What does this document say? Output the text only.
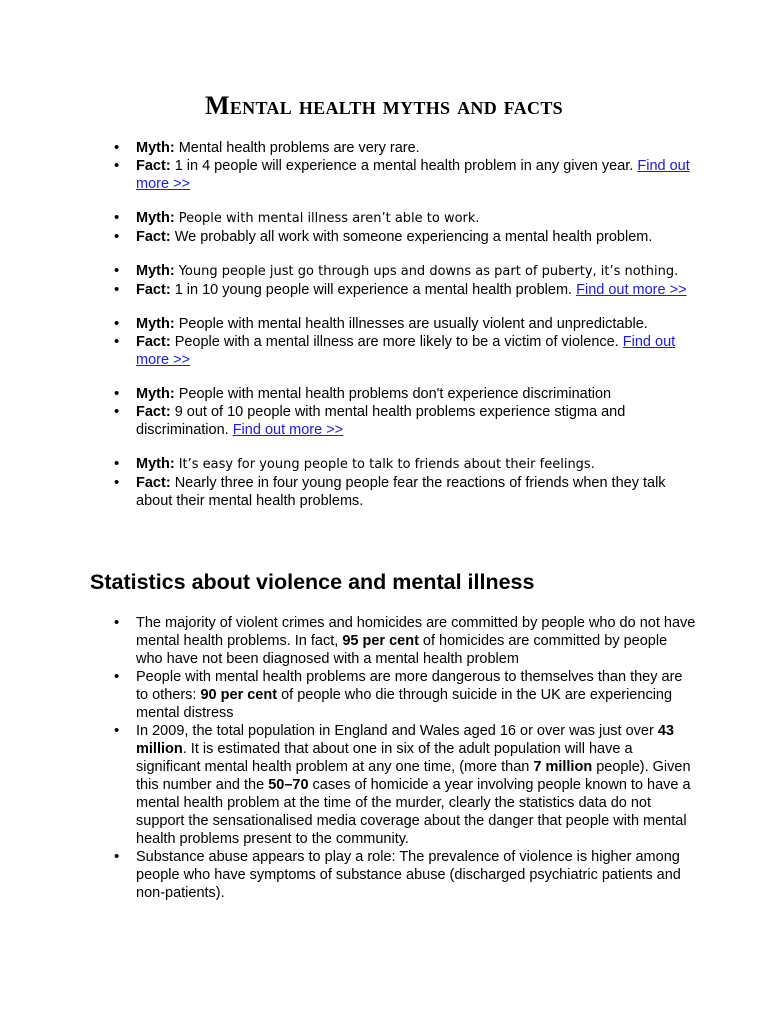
Mental health myths and facts
• Myth: Mental health problems are very rare.
• Fact: 1 in 4 people will experience a mental health problem in any given year. Find out more >>
• Myth: People with mental illness aren’t able to work.
• Fact: We probably all work with someone experiencing a mental health problem.
• Myth: Young people just go through ups and downs as part of puberty, it’s nothing.
• Fact: 1 in 10 young people will experience a mental health problem. Find out more >>
• Myth: People with mental health illnesses are usually violent and unpredictable.
• Fact: People with a mental illness are more likely to be a victim of violence. Find out more >>
• Myth: People with mental health problems don't experience discrimination
• Fact: 9 out of 10 people with mental health problems experience stigma and discrimination. Find out more >>
• Myth: It’s easy for young people to talk to friends about their feelings.
• Fact: Nearly three in four young people fear the reactions of friends when they talk about their mental health problems.
Statistics about violence and mental illness
• The majority of violent crimes and homicides are committed by people who do not have mental health problems. In fact, 95 per cent of homicides are committed by people who have not been diagnosed with a mental health problem
• People with mental health problems are more dangerous to themselves than they are to others: 90 per cent of people who die through suicide in the UK are experiencing mental distress
• In 2009, the total population in England and Wales aged 16 or over was just over 43 million. It is estimated that about one in six of the adult population will have a significant mental health problem at any one time, (more than 7 million people). Given this number and the 50–70 cases of homicide a year involving people known to have a mental health problem at the time of the murder, clearly the statistics data do not support the sensationalised media coverage about the danger that people with mental health problems present to the community.
• Substance abuse appears to play a role: The prevalence of violence is higher among people who have symptoms of substance abuse (discharged psychiatric patients and non-patients).
